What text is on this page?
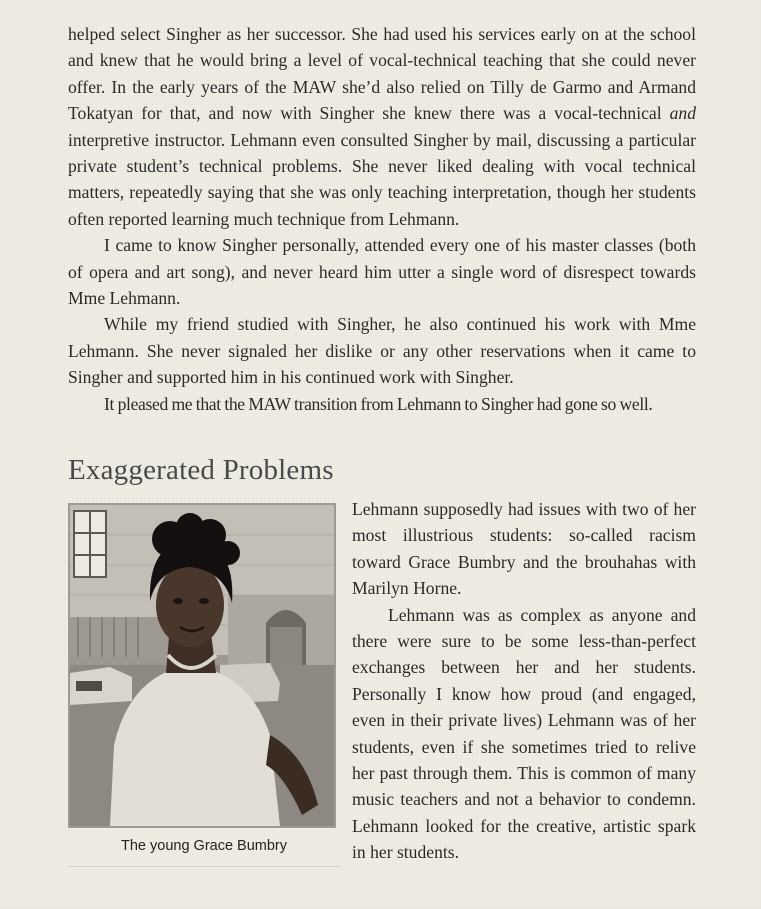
helped select Singher as her successor. She had used his services early on at the school and knew that he would bring a level of vocal-technical teaching that she could never offer. In the early years of the MAW she’d also relied on Tilly de Garmo and Armand Tokatyan for that, and now with Singher she knew there was a vocal-technical and interpretive instructor. Lehmann even consulted Singher by mail, discussing a particular private student’s technical problems. She never liked dealing with vocal technical matters, repeatedly saying that she was only teaching interpretation, though her students often reported learning much technique from Lehmann.

I came to know Singher personally, attended every one of his master classes (both of opera and art song), and never heard him utter a single word of disrespect towards Mme Lehmann.

While my friend studied with Singher, he also continued his work with Mme Lehmann. She never signaled her dislike or any other reservations when it came to Singher and supported him in his continued work with Singher.

It pleased me that the MAW transition from Lehmann to Singher had gone so well.

Exaggerated Problems
The young Grace Bumbry

Lehmann supposedly had issues with two of her most illustrious students: so-called racism toward Grace Bumbry and the brouhahas with Marilyn Horne.

Lehmann was as complex as anyone and there were sure to be some less-than-perfect exchanges between her and her students. Personally I know how proud (and engaged, even in their private lives) Lehmann was of her students, even if she sometimes tried to relive her past through them. This is common of many music teachers and not a behavior to condemn. Lehmann looked for the creative, artistic spark in her students.
